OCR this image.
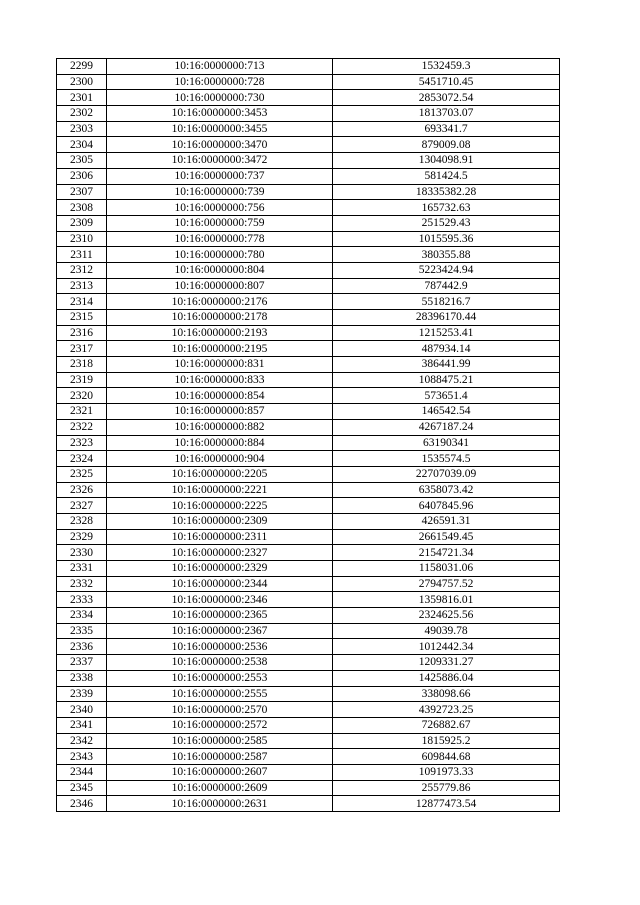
2299	10:16:0000000:713	1532459.3
2300	10:16:0000000:728	5451710.45
2301	10:16:0000000:730	2853072.54
2302	10:16:0000000:3453	1813703.07
2303	10:16:0000000:3455	693341.7
2304	10:16:0000000:3470	879009.08
2305	10:16:0000000:3472	1304098.91
2306	10:16:0000000:737	581424.5
2307	10:16:0000000:739	18335382.28
2308	10:16:0000000:756	165732.63
2309	10:16:0000000:759	251529.43
2310	10:16:0000000:778	1015595.36
2311	10:16:0000000:780	380355.88
2312	10:16:0000000:804	5223424.94
2313	10:16:0000000:807	787442.9
2314	10:16:0000000:2176	5518216.7
2315	10:16:0000000:2178	28396170.44
2316	10:16:0000000:2193	1215253.41
2317	10:16:0000000:2195	487934.14
2318	10:16:0000000:831	386441.99
2319	10:16:0000000:833	1088475.21
2320	10:16:0000000:854	573651.4
2321	10:16:0000000:857	146542.54
2322	10:16:0000000:882	4267187.24
2323	10:16:0000000:884	63190341
2324	10:16:0000000:904	1535574.5
2325	10:16:0000000:2205	22707039.09
2326	10:16:0000000:2221	6358073.42
2327	10:16:0000000:2225	6407845.96
2328	10:16:0000000:2309	426591.31
2329	10:16:0000000:2311	2661549.45
2330	10:16:0000000:2327	2154721.34
2331	10:16:0000000:2329	1158031.06
2332	10:16:0000000:2344	2794757.52
2333	10:16:0000000:2346	1359816.01
2334	10:16:0000000:2365	2324625.56
2335	10:16:0000000:2367	49039.78
2336	10:16:0000000:2536	1012442.34
2337	10:16:0000000:2538	1209331.27
2338	10:16:0000000:2553	1425886.04
2339	10:16:0000000:2555	338098.66
2340	10:16:0000000:2570	4392723.25
2341	10:16:0000000:2572	726882.67
2342	10:16:0000000:2585	1815925.2
2343	10:16:0000000:2587	609844.68
2344	10:16:0000000:2607	1091973.33
2345	10:16:0000000:2609	255779.86
2346	10:16:0000000:2631	12877473.54
